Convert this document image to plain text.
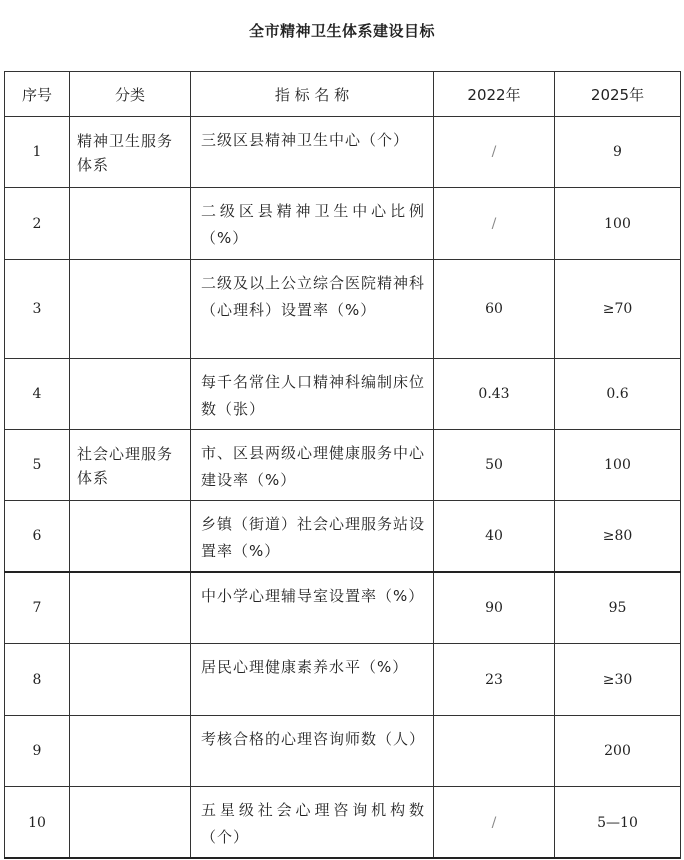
全市精神卫生体系建设目标
序号	分类	指 标 名 称	2022年	2025年
1	精神卫生服务体系	三级区县精神卫生中心（个）	/	9
2		二级区县精神卫生中心比例（%）	/	100
3		二级及以上公立综合医院精神科（心理科）设置率（%）	60	≥70
4		每千名常住人口精神科编制床位数（张）	0.43	0.6
5	社会心理服务体系	市、区县两级心理健康服务中心建设率（%）	50	100
6		乡镇（街道）社会心理服务站设置率（%）	40	≥80
7		中小学心理辅导室设置率（%）	90	95
8		居民心理健康素养水平（%）	23	≥30
9		考核合格的心理咨询师数（人）		200
10		五星级社会心理咨询机构数（个）	/	5—10
